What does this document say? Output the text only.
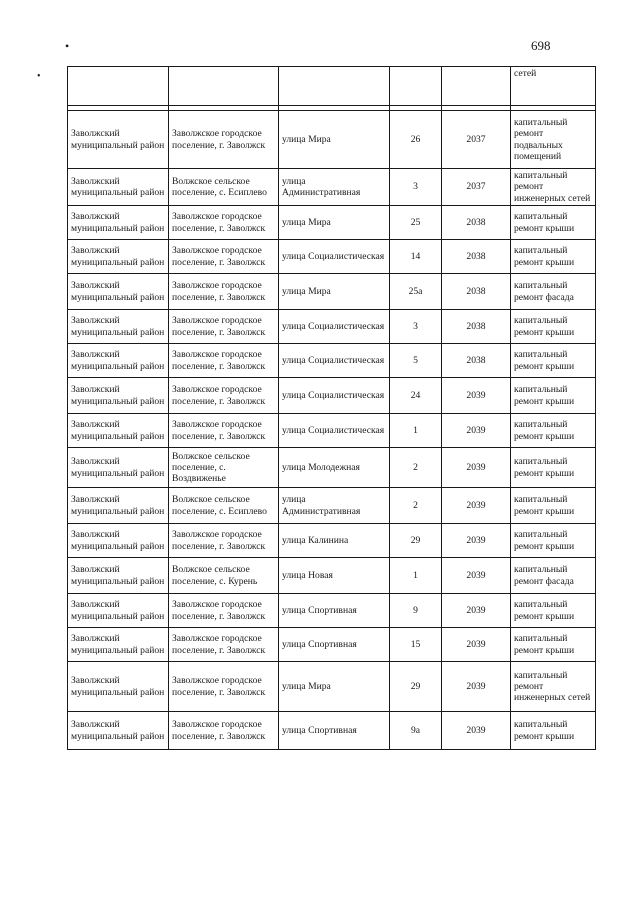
698
•
•
						сетей

Заволжский муниципальный район	Заволжское городское поселение, г. Заволжск	улица Мира	26	2037	капитальный ремонт подвальных помещений
Заволжский муниципальный район	Волжское сельское поселение, с. Есиплево	улица Административная	3	2037	капитальный ремонт инженерных сетей
Заволжский муниципальный район	Заволжское городское поселение, г. Заволжск	улица Мира	25	2038	капитальный ремонт крыши
Заволжский муниципальный район	Заволжское городское поселение, г. Заволжск	улица Социалистическая	14	2038	капитальный ремонт крыши
Заволжский муниципальный район	Заволжское городское поселение, г. Заволжск	улица Мира	25а	2038	капитальный ремонт фасада
Заволжский муниципальный район	Заволжское городское поселение, г. Заволжск	улица Социалистическая	3	2038	капитальный ремонт крыши
Заволжский муниципальный район	Заволжское городское поселение, г. Заволжск	улица Социалистическая	5	2038	капитальный ремонт крыши
Заволжский муниципальный район	Заволжское городское поселение, г. Заволжск	улица Социалистическая	24	2039	капитальный ремонт крыши
Заволжский муниципальный район	Заволжское городское поселение, г. Заволжск	улица Социалистическая	1	2039	капитальный ремонт крыши
Заволжский муниципальный район	Волжское сельское поселение, с. Воздвиженье	улица Молодежная	2	2039	капитальный ремонт крыши
Заволжский муниципальный район	Волжское сельское поселение, с. Есиплево	улица Административная	2	2039	капитальный ремонт крыши
Заволжский муниципальный район	Заволжское городское поселение, г. Заволжск	улица Калинина	29	2039	капитальный ремонт крыши
Заволжский муниципальный район	Волжское сельское поселение, с. Курень	улица Новая	1	2039	капитальный ремонт фасада
Заволжский муниципальный район	Заволжское городское поселение, г. Заволжск	улица Спортивная	9	2039	капитальный ремонт крыши
Заволжский муниципальный район	Заволжское городское поселение, г. Заволжск	улица Спортивная	15	2039	капитальный ремонт крыши
Заволжский муниципальный район	Заволжское городское поселение, г. Заволжск	улица Мира	29	2039	капитальный ремонт инженерных сетей
Заволжский муниципальный район	Заволжское городское поселение, г. Заволжск	улица Спортивная	9а	2039	капитальный ремонт крыши
